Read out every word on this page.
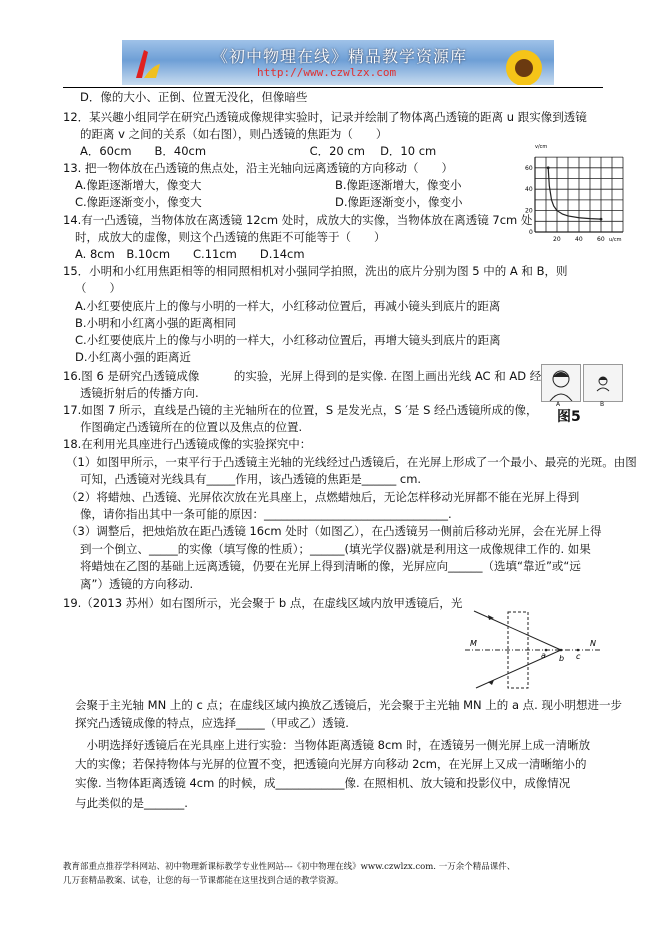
《初中物理在线》精品教学资源库
http://www.czwlzx.com
D．像的大小、正倒、位置无没化，但像暗些
12．某兴趣小组同学在研究凸透镜成像规律实验时，记录并绘制了物体离凸透镜的距离 u 跟实像到透镜
的距离 v 之间的关系（如右图），则凸透镜的焦距为（　　）
A．60cm　　B．40cm　　　　　　　　　C．20 cm　 D．10 cm
13. 把一物体放在凸透镜的焦点处，沿主光轴向远离透镜的方向移动（　　）
A.像距逐渐增大，像变大	B.像距逐渐增大，像变小
C.像距逐渐变小，像变大	D.像距逐渐变小，像变小
14.有一凸透镜，当物体放在离透镜 12cm 处时，成放大的实像，当物体放在离透镜 7cm 处
时，成放大的虚像，则这个凸透镜的焦距不可能等于（　　）
A. 8cm　B.10cm　　C.11cm　　D.14cm
15．小明和小红用焦距相等的相同照相机对小强同学拍照，洗出的底片分别为图 5 中的 A 和 B，则
（　　）
A.小红要使底片上的像与小明的一样大，小红移动位置后，再减小镜头到底片的距离
B.小明和小红离小强的距离相同
C.小红要使底片上的像与小明的一样大，小红移动位置后，再增大镜头到底片的距离
D.小红离小强的距离近
16.图 6 是研究凸透镜成像　　　的实验，光屏上得到的是实像. 在图上画出光线 AC 和 AD 经
透镜折射后的传播方向.
17.如图 7 所示，直线是凸镜的主光轴所在的位置，S 是发光点，S ′是 S 经凸透镜所成的像，
作图确定凸透镜所在的位置以及焦点的位置.
18.在利用光具座进行凸透镜成像的实验探究中：
（1）如图甲所示，一束平行于凸透镜主光轴的光线经过凸透镜后，在光屏上形成了一个最小、最亮的光斑。由图
可知，凸透镜对光线具有_____作用，该凸透镜的焦距是______ cm.
（2）将蜡烛、凸透镜、光屏依次放在光具座上，点燃蜡烛后，无论怎样移动光屏都不能在光屏上得到
像，请你指出其中一条可能的原因：________________________________.
（3）调整后，把烛焰放在距凸透镜 16cm 处时（如图乙），在凸透镜另一侧前后移动光屏，会在光屏上得
到一个倒立、_____的实像（填写像的性质）；______(填光学仪器)就是利用这一成像规律工作的. 如果
将蜡烛在乙图的基础上远离透镜，仍要在光屏上得到清晰的像，光屏应向______（选填“靠近”或“远
离”）透镜的方向移动.
19.（2013 苏州）如右图所示，光会聚于 b 点，在虚线区域内放甲透镜后，光
会聚于主光轴 MN 上的 c 点；在虚线区域内换放乙透镜后，光会聚于主光轴 MN 上的 a 点. 现小明想进一步
探究凸透镜成像的特点，应选择_____（甲或乙）透镜.
　小明选择好透镜后在光具座上进行实验：当物体距离透镜 8cm 时，在透镜另一侧光屏上成一清晰放
大的实像；若保持物体与光屏的位置不变，把透镜向光屏方向移动 2cm，在光屏上又成一清晰缩小的
实像. 当物体距离透镜 4cm 的时候，成____________像. 在照相机、放大镜和投影仪中，成像情况
与此类似的是_______.
20 40 60
0
20
40
60
u/cm
v/cm
A	B
图5
M	N
a b c
教育部重点推荐学科网站、初中物理新课标教学专业性网站---《初中物理在线》www.czwlzx.com. 一万余个精品课件、
几万套精品教案、试卷，让您的每一节课都能在这里找到合适的教学资源。
